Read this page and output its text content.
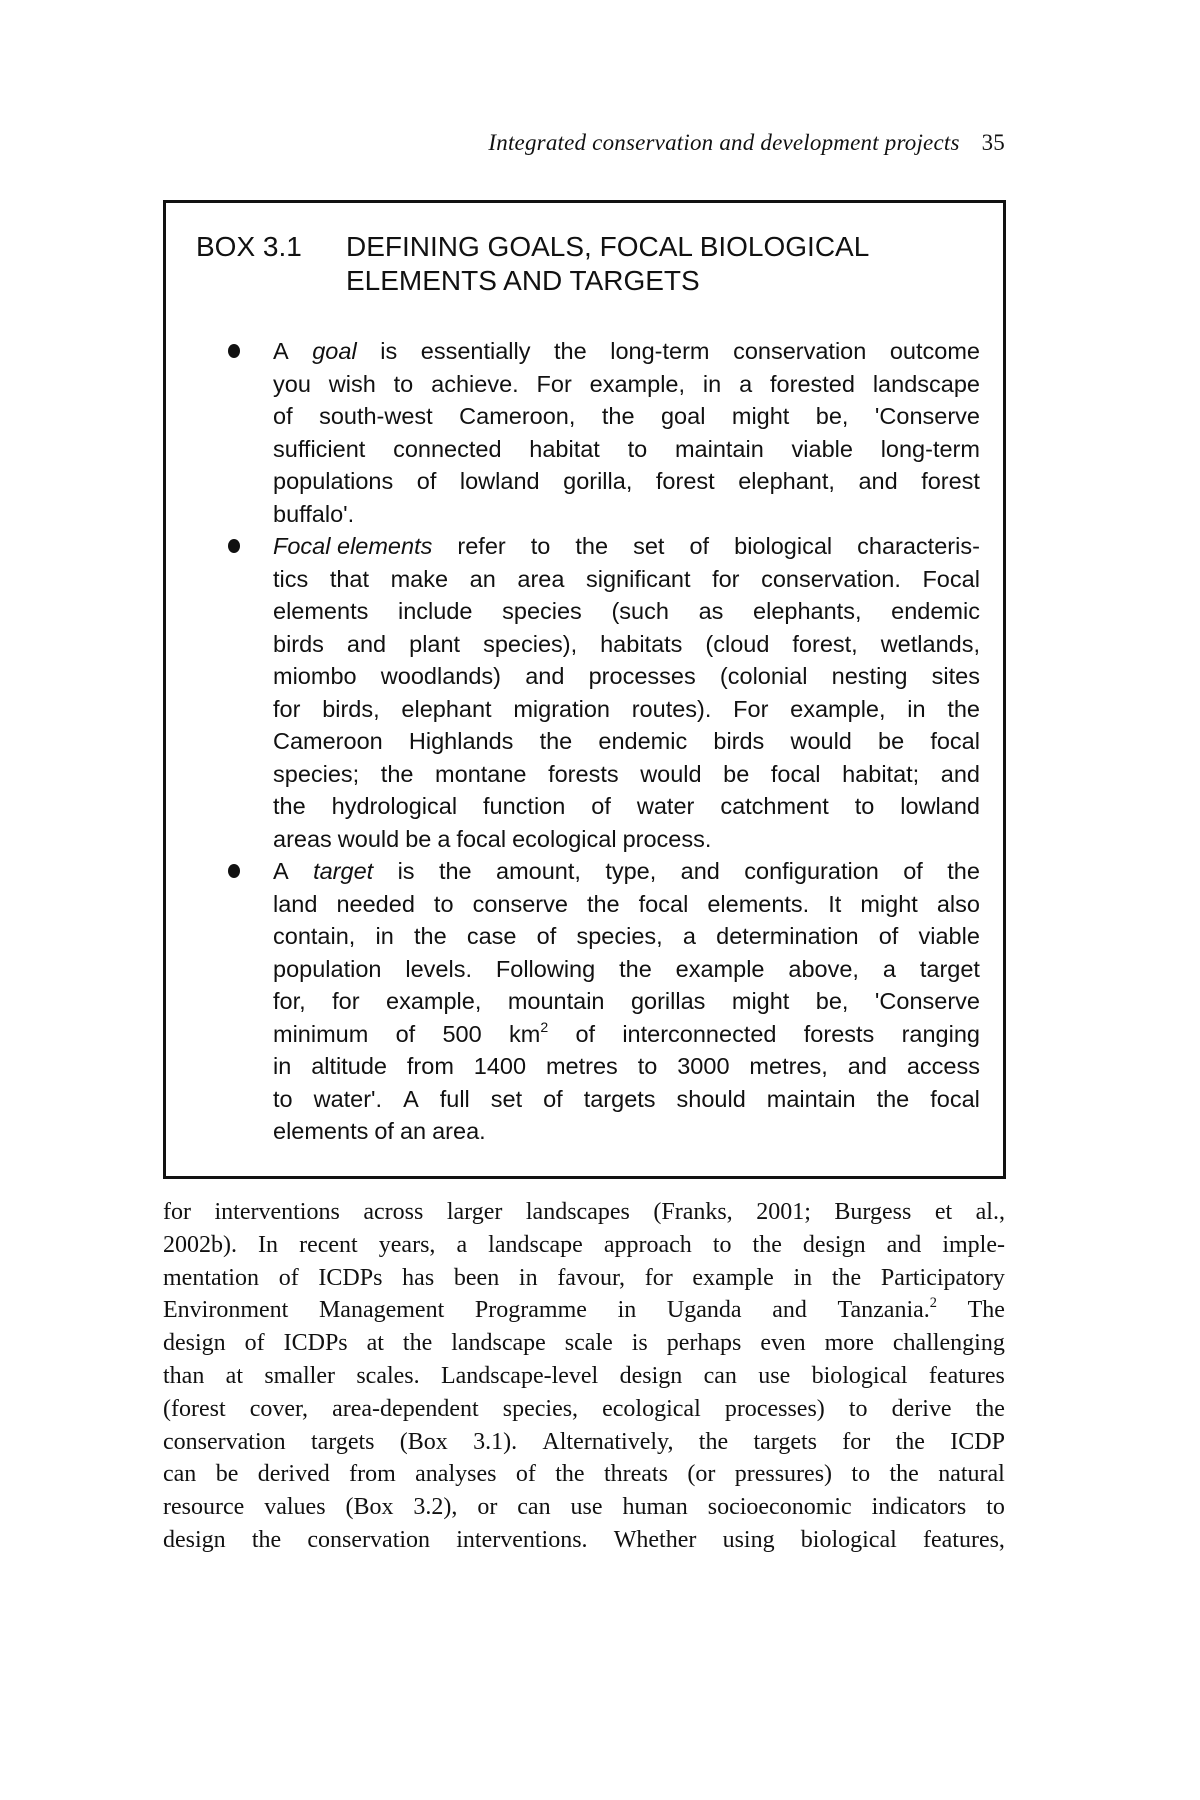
Integrated conservation and development projects 35
BOX 3.1	DEFINING GOALS, FOCAL BIOLOGICAL
ELEMENTS AND TARGETS
A goal is essentially the long-term conservation outcome
you wish to achieve. For example, in a forested landscape
of south-west Cameroon, the goal might be, 'Conserve
sufficient connected habitat to maintain viable long-term
populations of lowland gorilla, forest elephant, and forest
buffalo'.
Focal elements refer to the set of biological characteris-
tics that make an area significant for conservation. Focal
elements include species (such as elephants, endemic
birds and plant species), habitats (cloud forest, wetlands,
miombo woodlands) and processes (colonial nesting sites
for birds, elephant migration routes). For example, in the
Cameroon Highlands the endemic birds would be focal
species; the montane forests would be focal habitat; and
the hydrological function of water catchment to lowland
areas would be a focal ecological process.
A target is the amount, type, and configuration of the
land needed to conserve the focal elements. It might also
contain, in the case of species, a determination of viable
population levels. Following the example above, a target
for, for example, mountain gorillas might be, 'Conserve
minimum of 500 $km^2$ of interconnected forests ranging
in altitude from 1400 metres to 3000 metres, and access
to water'. A full set of targets should maintain the focal
elements of an area.
for interventions across larger landscapes (Franks, 2001; Burgess et al.,
2002b). In recent years, a landscape approach to the design and imple-
mentation of ICDPs has been in favour, for example in the Participatory
Environment Management Programme in Uganda and Tanzania.$^2$ The
design of ICDPs at the landscape scale is perhaps even more challenging
than at smaller scales. Landscape-level design can use biological features
(forest cover, area-dependent species, ecological processes) to derive the
conservation targets (Box 3.1). Alternatively, the targets for the ICDP
can be derived from analyses of the threats (or pressures) to the natural
resource values (Box 3.2), or can use human socioeconomic indicators to
design the conservation interventions. Whether using biological features,
